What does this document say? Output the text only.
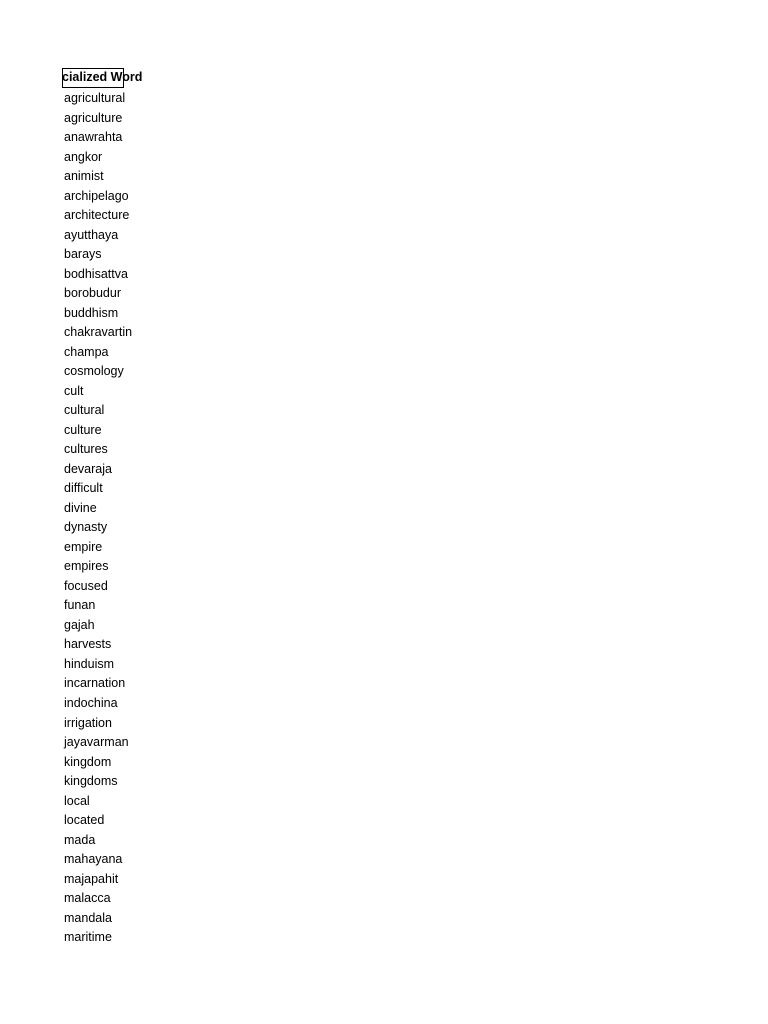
cialized Word
agricultural
agriculture
anawrahta
angkor
animist
archipelago
architecture
ayutthaya
barays
bodhisattva
borobudur
buddhism
chakravartin
champa
cosmology
cult
cultural
culture
cultures
devaraja
difficult
divine
dynasty
empire
empires
focused
funan
gajah
harvests
hinduism
incarnation
indochina
irrigation
jayavarman
kingdom
kingdoms
local
located
mada
mahayana
majapahit
malacca
mandala
maritime
